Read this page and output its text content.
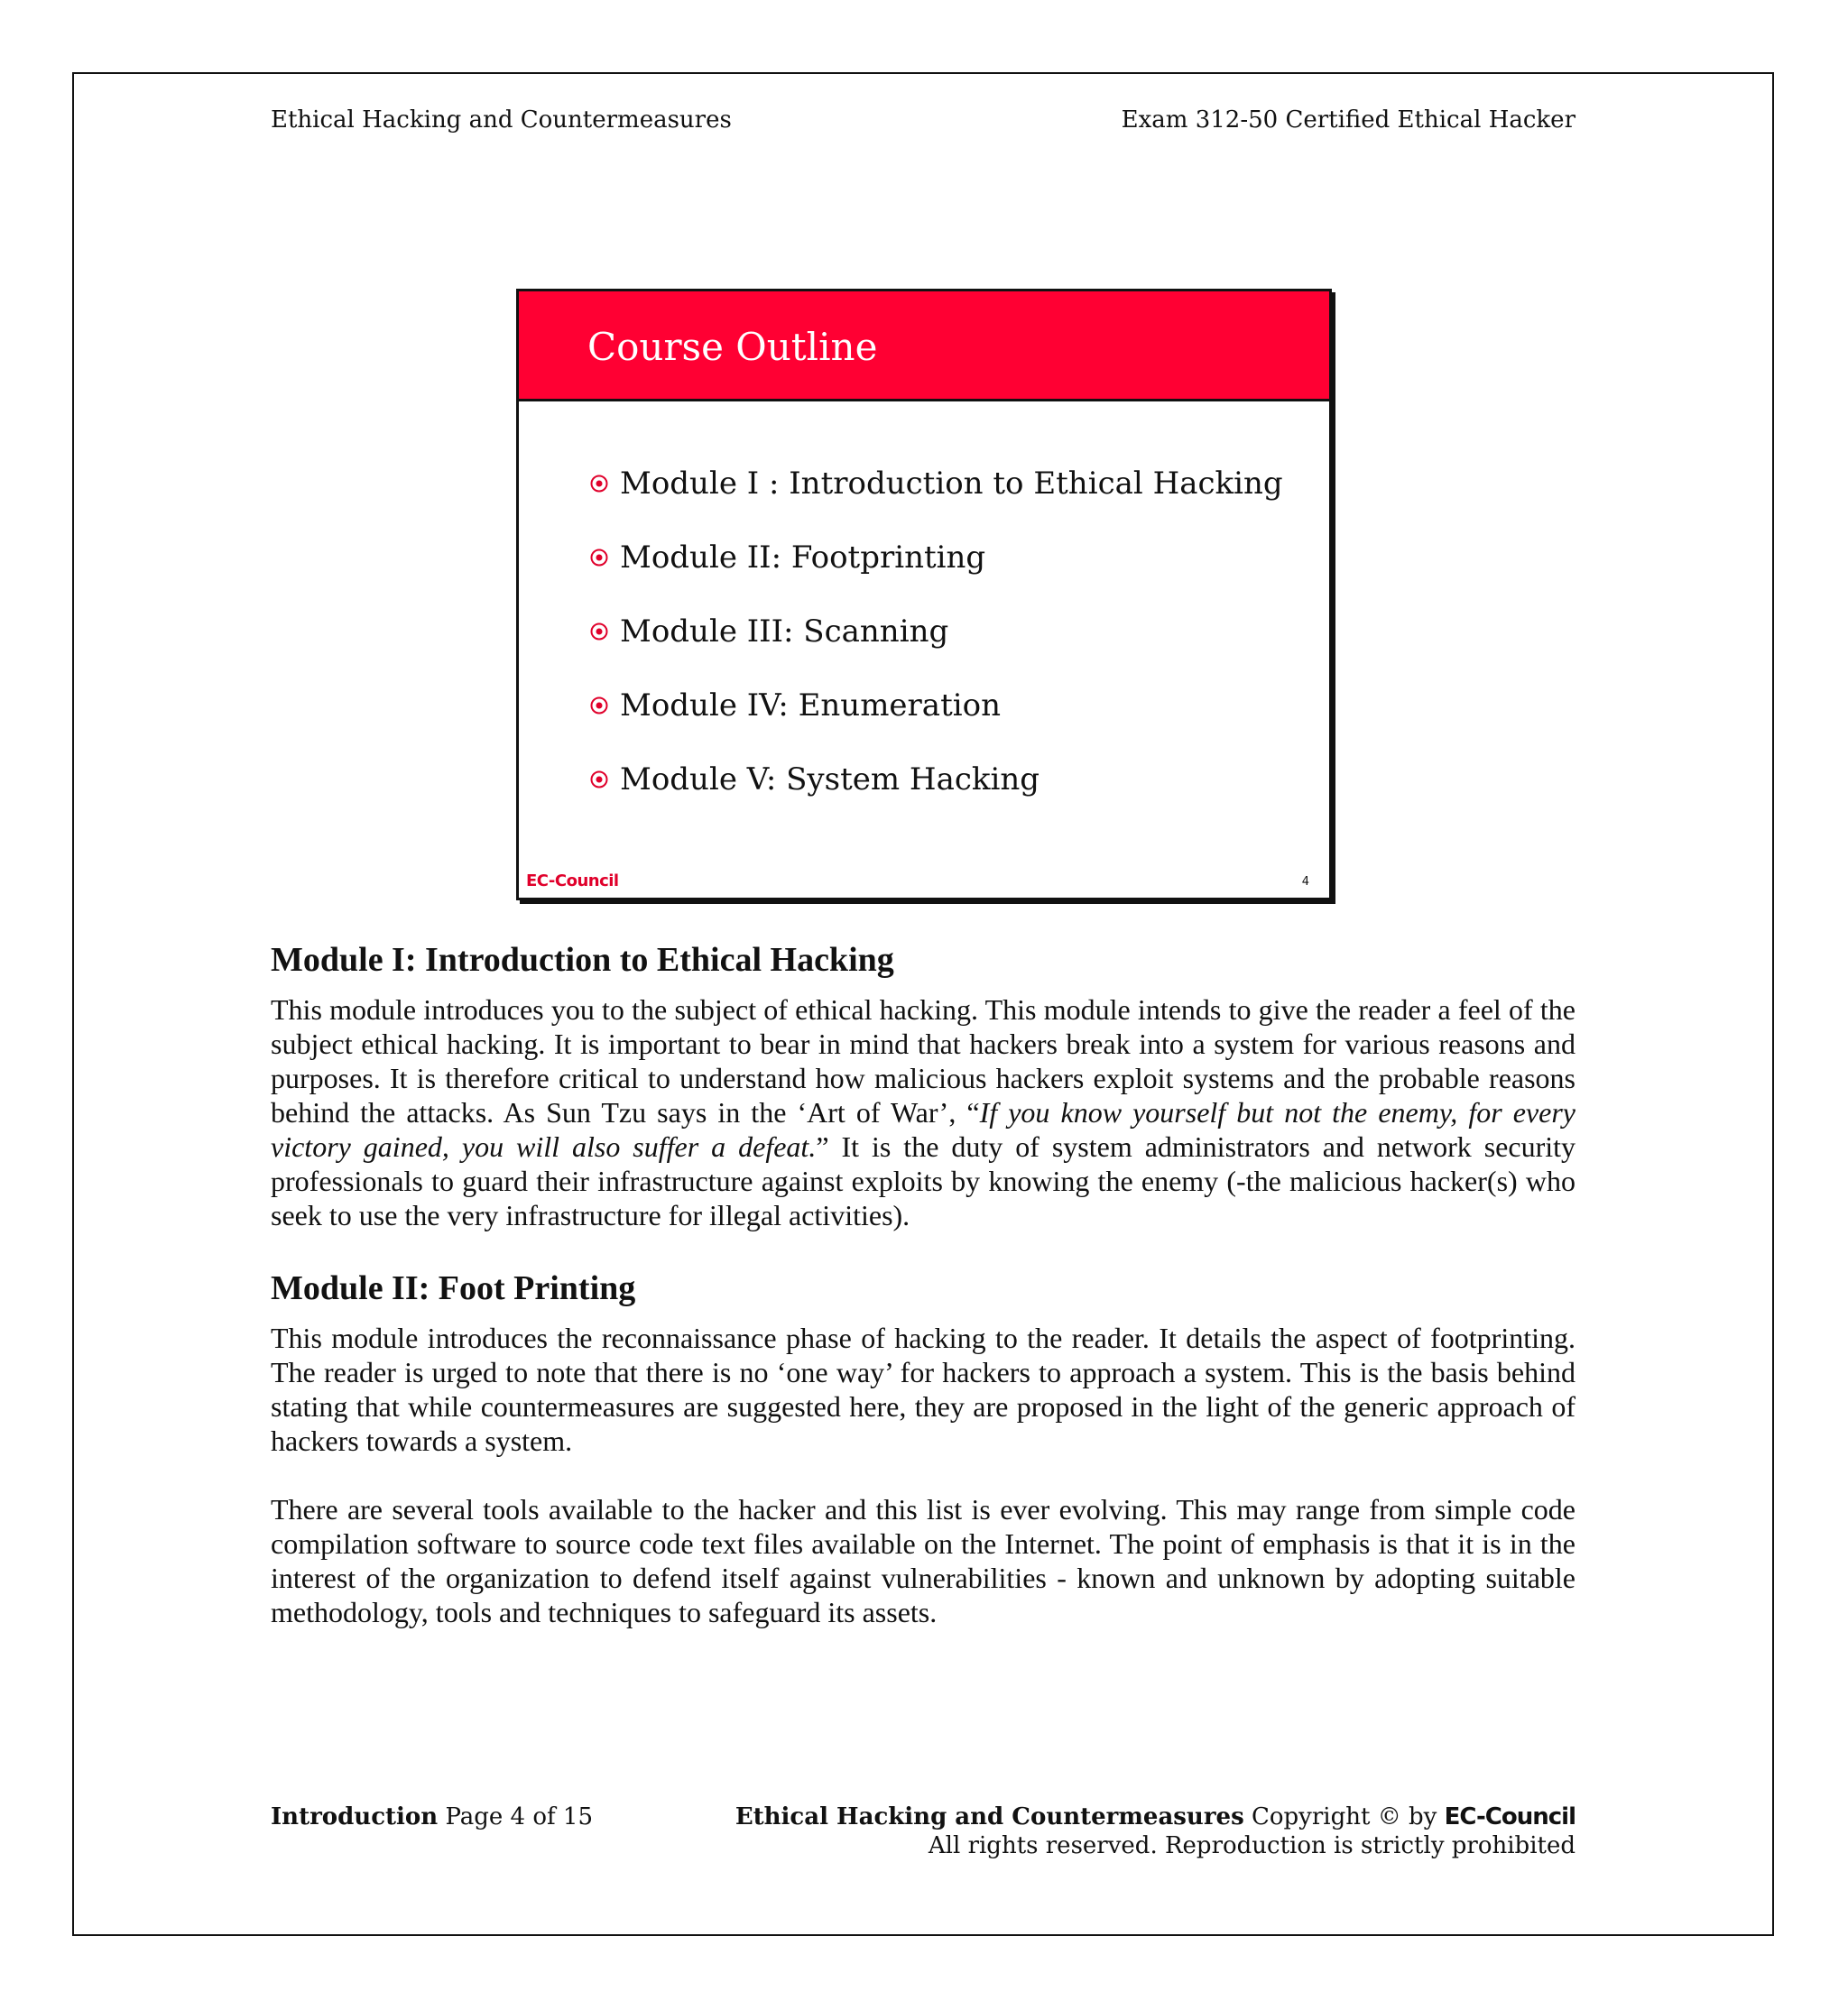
Ethical Hacking and Countermeasures	Exam 312-50 Certified Ethical Hacker
Course Outline
Module I : Introduction to Ethical Hacking
Module II: Footprinting
Module III: Scanning
Module IV: Enumeration
Module V: System Hacking
EC-Council	4
Module I: Introduction to Ethical Hacking

This module introduces you to the subject of ethical hacking. This module intends to give the reader a feel of the subject ethical hacking. It is important to bear in mind that hackers break into a system for various reasons and purposes. It is therefore critical to understand how malicious hackers exploit systems and the probable reasons behind the attacks. As Sun Tzu says in the ‘Art of War’, “If you know yourself but not the enemy, for every victory gained, you will also suffer a defeat.” It is the duty of system administrators and network security professionals to guard their infrastructure against exploits by knowing the enemy (-the malicious hacker(s) who seek to use the very infrastructure for illegal activities).

Module II: Foot Printing

This module introduces the reconnaissance phase of hacking to the reader. It details the aspect of footprinting. The reader is urged to note that there is no ‘one way’ for hackers to approach a system. This is the basis behind stating that while countermeasures are suggested here, they are proposed in the light of the generic approach of hackers towards a system.

There are several tools available to the hacker and this list is ever evolving. This may range from simple code compilation software to source code text files available on the Internet. The point of emphasis is that it is in the interest of the organization to defend itself against vulnerabilities - known and unknown by adopting suitable methodology, tools and techniques to safeguard its assets.

Introduction Page 4 of 15	Ethical Hacking and Countermeasures Copyright © by EC-Council
All rights reserved. Reproduction is strictly prohibited
